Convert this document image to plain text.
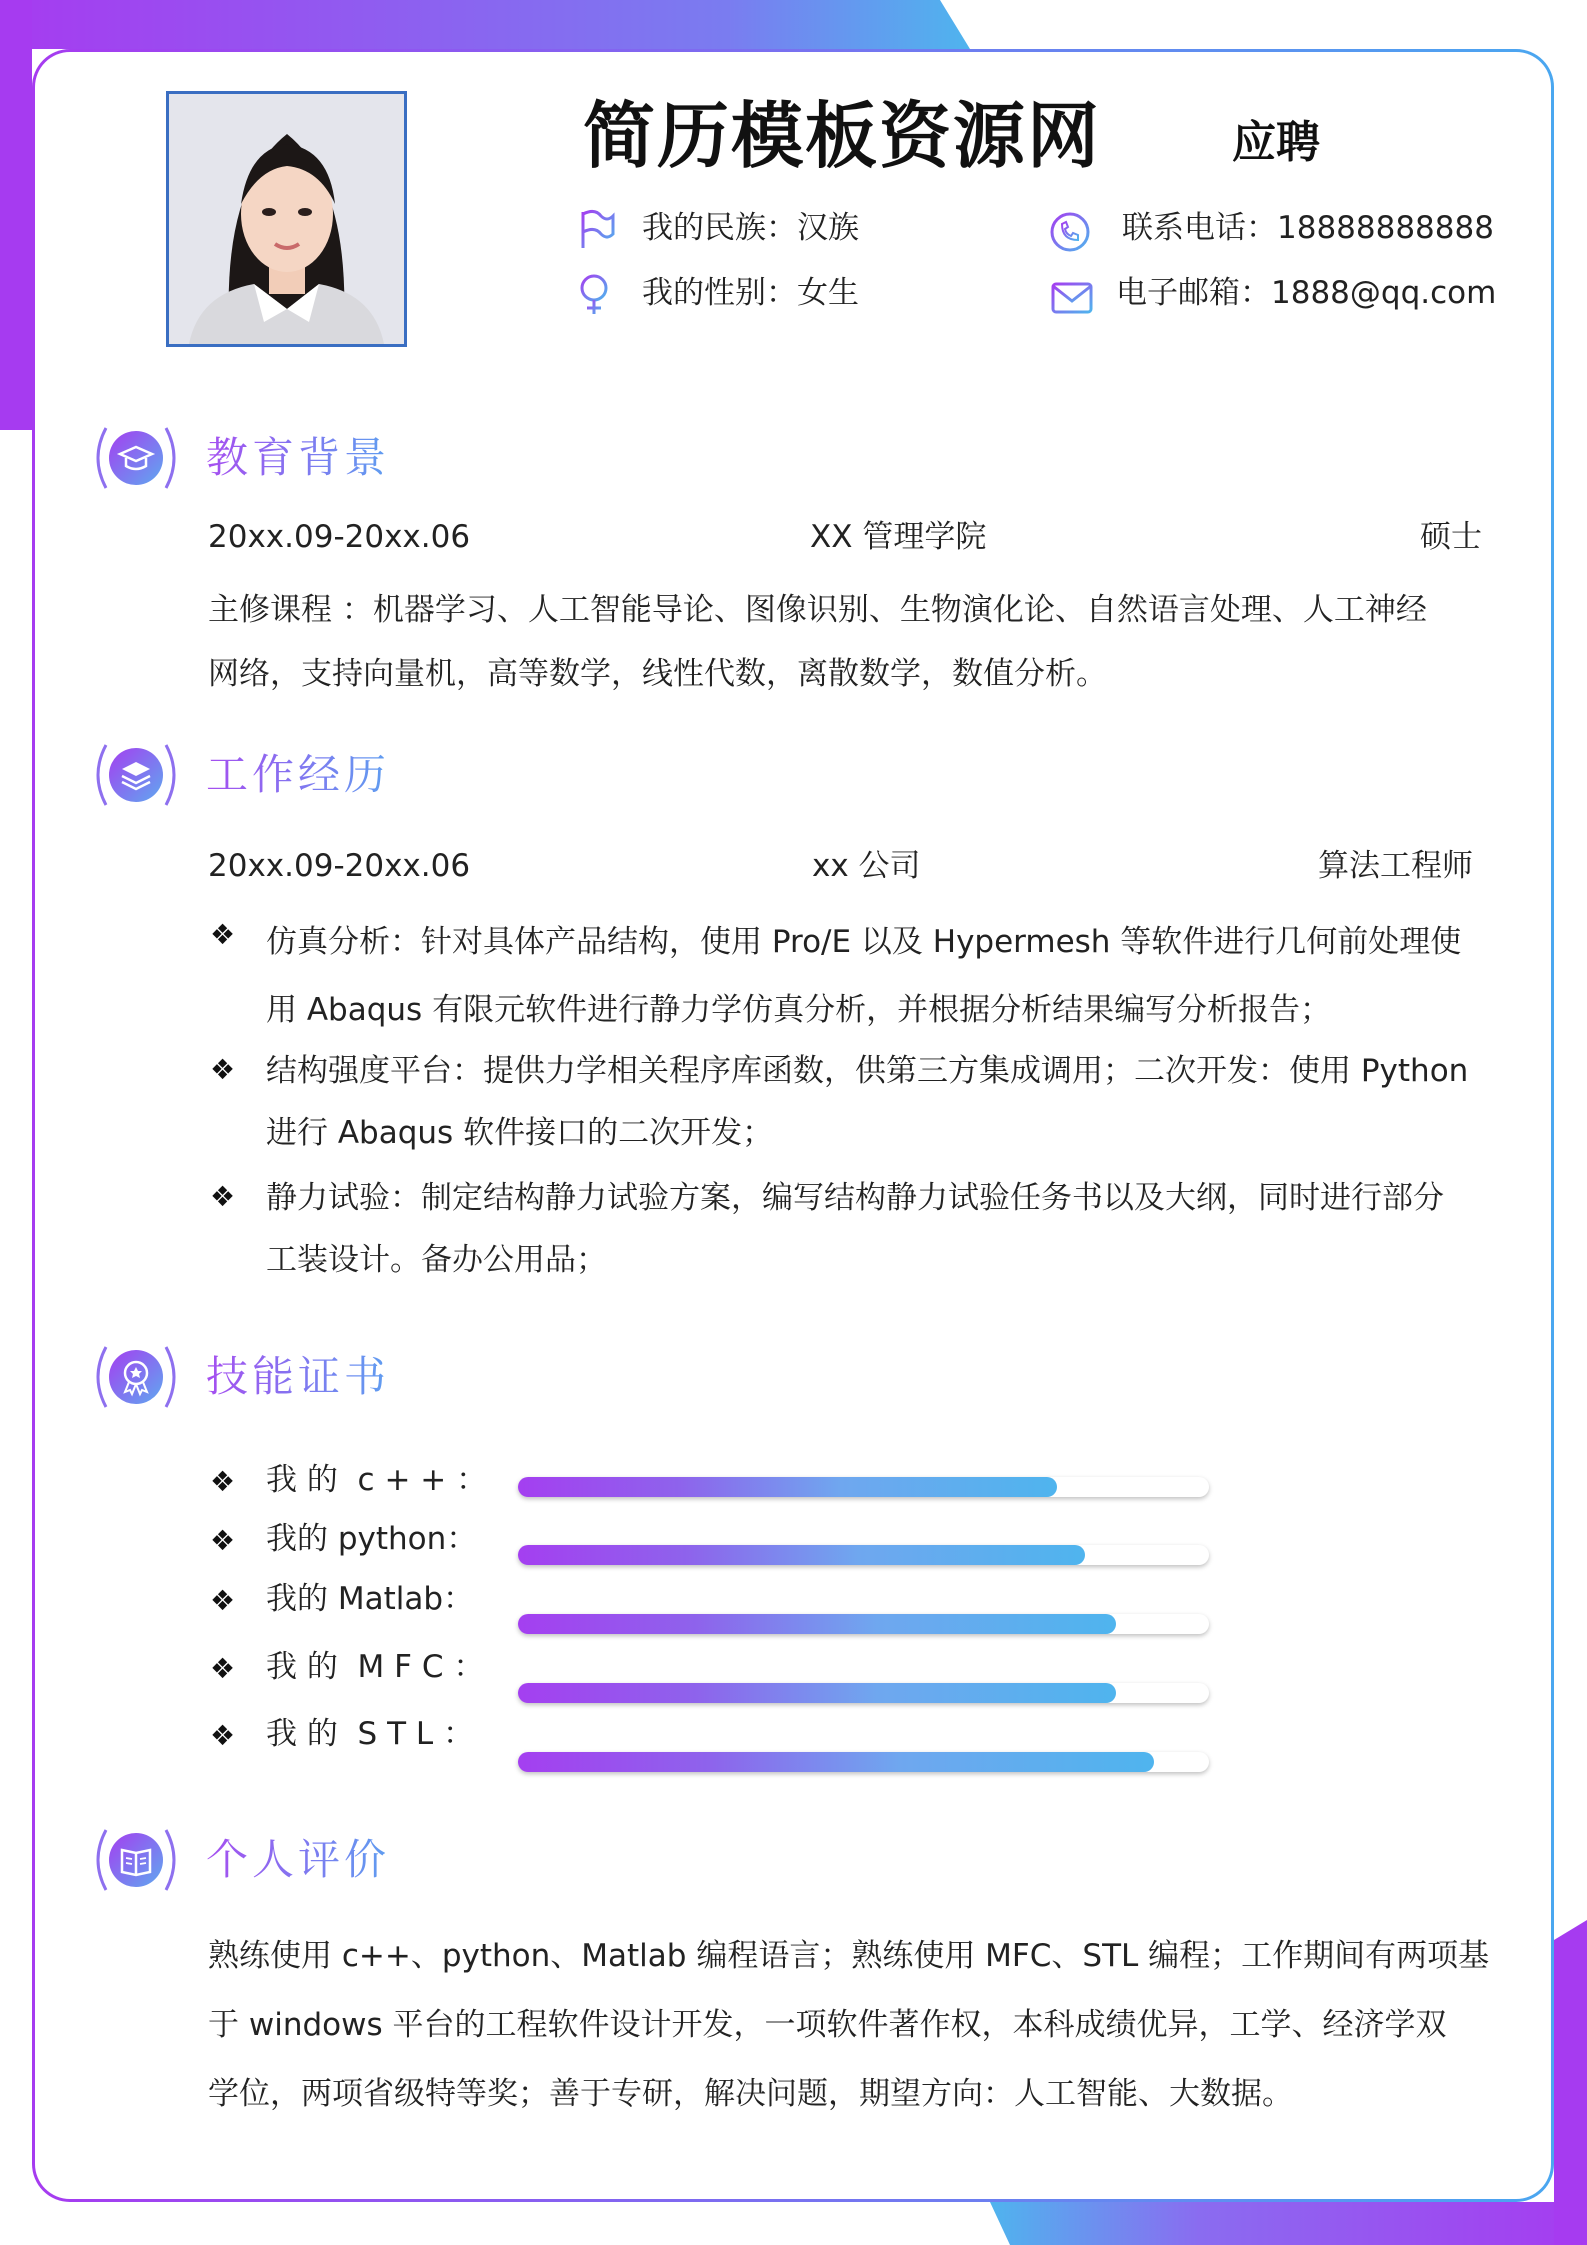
简历模板资源网	应聘
我的民族：汉族
我的性别：女生
联系电话：18888888888
电子邮箱：1888@qq.com
教育背景
20xx.09-20xx.06	XX 管理学院	硕士
主修课程 ：机器学习、人工智能导论、图像识别、生物演化论、自然语言处理、人工神经
网络，支持向量机，高等数学，线性代数，离散数学，数值分析。
工作经历
20xx.09-20xx.06	xx 公司	算法工程师
❖ 仿真分析：针对具体产品结构，使用 Pro/E 以及 Hypermesh 等软件进行几何前处理使
用 Abaqus 有限元软件进行静力学仿真分析，并根据分析结果编写分析报告；
❖ 结构强度平台：提供力学相关程序库函数，供第三方集成调用；二次开发：使用 Python
进行 Abaqus 软件接口的二次开发；
❖ 静力试验：制定结构静力试验方案，编写结构静力试验任务书以及大纲，同时进行部分
工装设计。备办公用品；
技能证书
❖ 我 的  c + + ：
❖ 我的 python：
❖ 我的 Matlab：
❖ 我 的  M F C ：
❖ 我 的  S T L ：
个人评价
熟练使用 c++、python、Matlab 编程语言；熟练使用 MFC、STL 编程；工作期间有两项基
于 windows 平台的工程软件设计开发，一项软件著作权，本科成绩优异，工学、经济学双
学位，两项省级特等奖；善于专研，解决问题，期望方向：人工智能、大数据。
